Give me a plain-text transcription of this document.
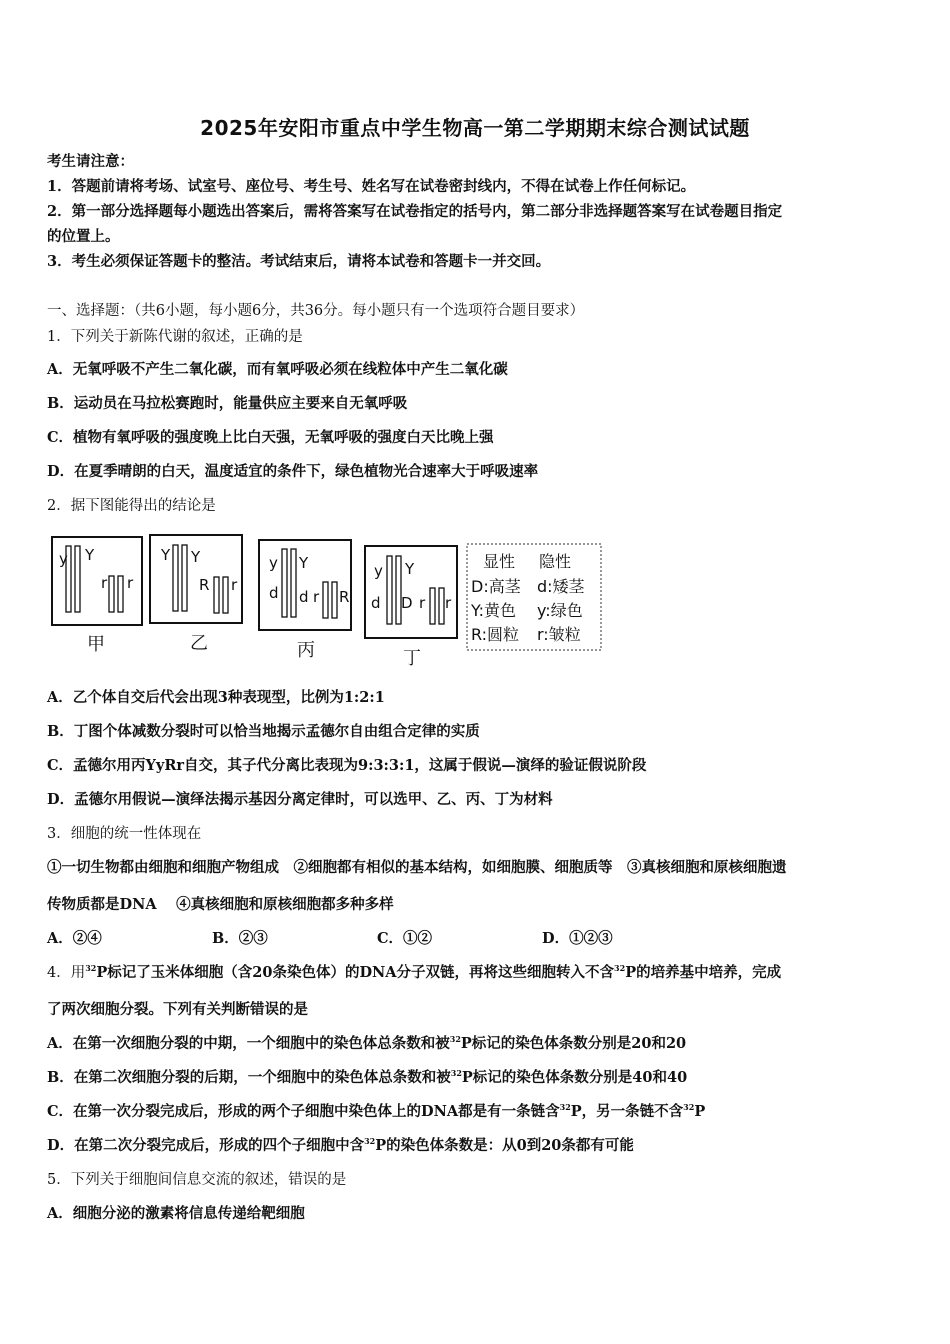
2025年安阳市重点中学生物高一第二学期期末综合测试试题
考生请注意：
1．答题前请将考场、试室号、座位号、考生号、姓名写在试卷密封线内，不得在试卷上作任何标记。
2．第一部分选择题每小题选出答案后，需将答案写在试卷指定的括号内，第二部分非选择题答案写在试卷题目指定
的位置上。
3．考生必须保证答题卡的整洁。考试结束后，请将本试卷和答题卡一并交回。
一、选择题：（共6小题，每小题6分，共36分。每小题只有一个选项符合题目要求）
1．下列关于新陈代谢的叙述，正确的是
A．无氧呼吸不产生二氧化碳，而有氧呼吸必须在线粒体中产生二氧化碳
B．运动员在马拉松赛跑时，能量供应主要来自无氧呼吸
C．植物有氧呼吸的强度晚上比白天强，无氧呼吸的强度白天比晚上强
D．在夏季晴朗的白天，温度适宜的条件下，绿色植物光合速率大于呼吸速率
2．据下图能得出的结论是
y Y
r r
甲
Y Y
R r
乙
y Y
d d r R
丙
y Y
d D r r
丁
显性 隐性
D:高茎 d:矮茎
Y:黄色 y:绿色
R:圆粒 r:皱粒
A．乙个体自交后代会出现3种表现型，比例为1:2:1
B．丁图个体减数分裂时可以恰当地揭示孟德尔自由组合定律的实质
C．孟德尔用丙YyRr自交，其子代分离比表现为9:3:3:1，这属于假说—演绎的验证假说阶段
D．孟德尔用假说—演绎法揭示基因分离定律时，可以选甲、乙、丙、丁为材料
3．细胞的统一性体现在
①一切生物都由细胞和细胞产物组成　②细胞都有相似的基本结构，如细胞膜、细胞质等　③真核细胞和原核细胞遗
传物质都是DNA　 ④真核细胞和原核细胞都多种多样
A．②④	B．②③	C．①②	D．①②③
4．用$^{32}$P标记了玉米体细胞（含20条染色体）的DNA分子双链，再将这些细胞转入不含$^{32}$P的培养基中培养，完成
了两次细胞分裂。下列有关判断错误的是
A．在第一次细胞分裂的中期，一个细胞中的染色体总条数和被$^{32}$P标记的染色体条数分别是20和20
B．在第二次细胞分裂的后期，一个细胞中的染色体总条数和被$^{32}$P标记的染色体条数分别是40和40
C．在第一次分裂完成后，形成的两个子细胞中染色体上的DNA都是有一条链含$^{32}$P，另一条链不含$^{32}$P
D．在第二次分裂完成后，形成的四个子细胞中含$^{32}$P的染色体条数是：从0到20条都有可能
5．下列关于细胞间信息交流的叙述，错误的是
A．细胞分泌的激素将信息传递给靶细胞
